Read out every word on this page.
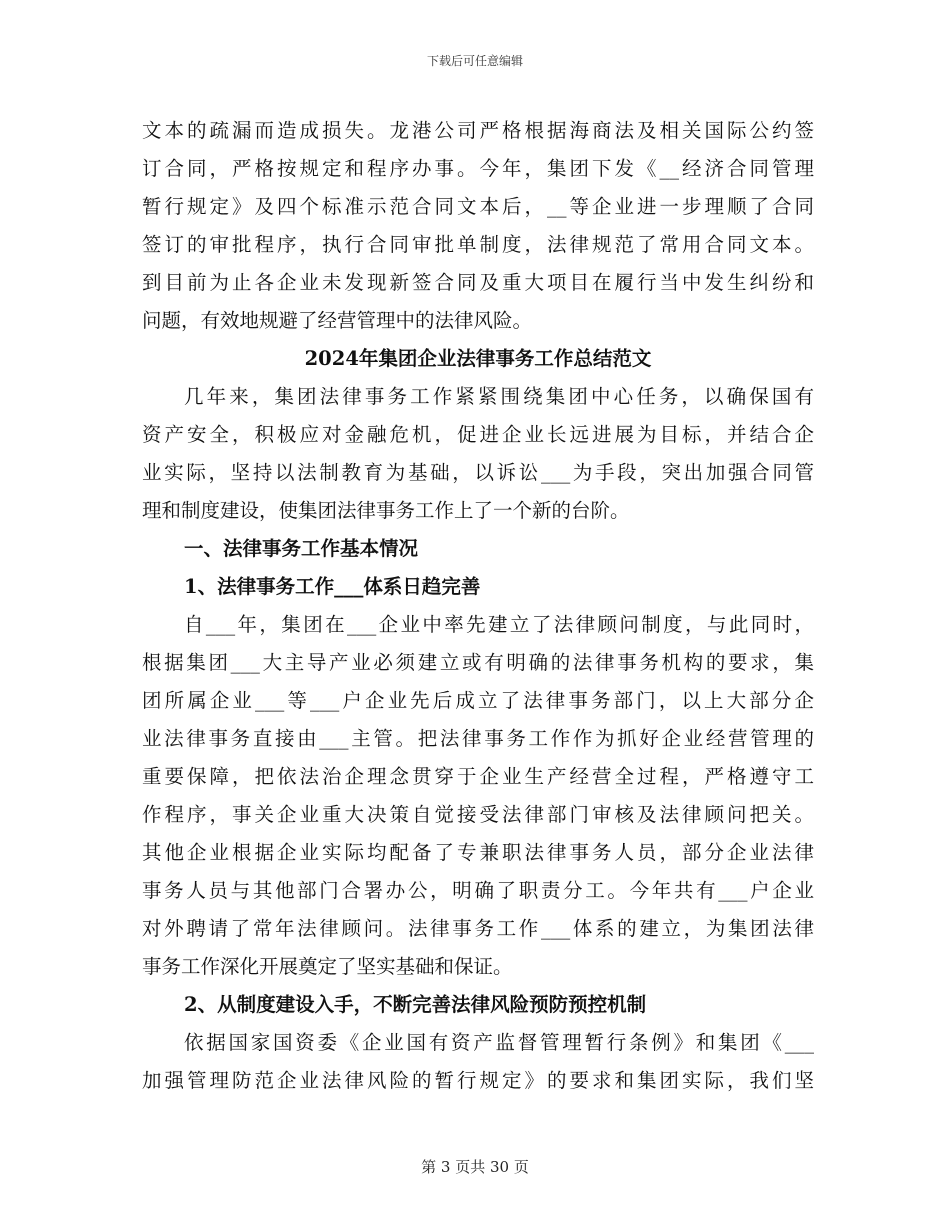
下载后可任意编辑
文本的疏漏而造成损失。龙港公司严格根据海商法及相关国际公约签
订合同，严格按规定和程序办事。今年，集团下发《__经济合同管理
暂行规定》及四个标准示范合同文本后，__等企业进一步理顺了合同
签订的审批程序，执行合同审批单制度，法律规范了常用合同文本。
到目前为止各企业未发现新签合同及重大项目在履行当中发生纠纷和
问题，有效地规避了经营管理中的法律风险。
2024年集团企业法律事务工作总结范文
几年来，集团法律事务工作紧紧围绕集团中心任务，以确保国有
资产安全，积极应对金融危机，促进企业长远进展为目标，并结合企
业实际，坚持以法制教育为基础，以诉讼___为手段，突出加强合同管
理和制度建设，使集团法律事务工作上了一个新的台阶。
一、法律事务工作基本情况
1、法律事务工作___体系日趋完善
自___年，集团在___企业中率先建立了法律顾问制度，与此同时，
根据集团___大主导产业必须建立或有明确的法律事务机构的要求，集
团所属企业___等___户企业先后成立了法律事务部门，以上大部分企
业法律事务直接由___主管。把法律事务工作作为抓好企业经营管理的
重要保障，把依法治企理念贯穿于企业生产经营全过程，严格遵守工
作程序，事关企业重大决策自觉接受法律部门审核及法律顾问把关。
其他企业根据企业实际均配备了专兼职法律事务人员，部分企业法律
事务人员与其他部门合署办公，明确了职责分工。今年共有___户企业
对外聘请了常年法律顾问。法律事务工作___体系的建立，为集团法律
事务工作深化开展奠定了坚实基础和保证。
2、从制度建设入手，不断完善法律风险预防预控机制
依据国家国资委《企业国有资产监督管理暂行条例》和集团《___
加强管理防范企业法律风险的暂行规定》的要求和集团实际，我们坚
第 3 页共 30 页
